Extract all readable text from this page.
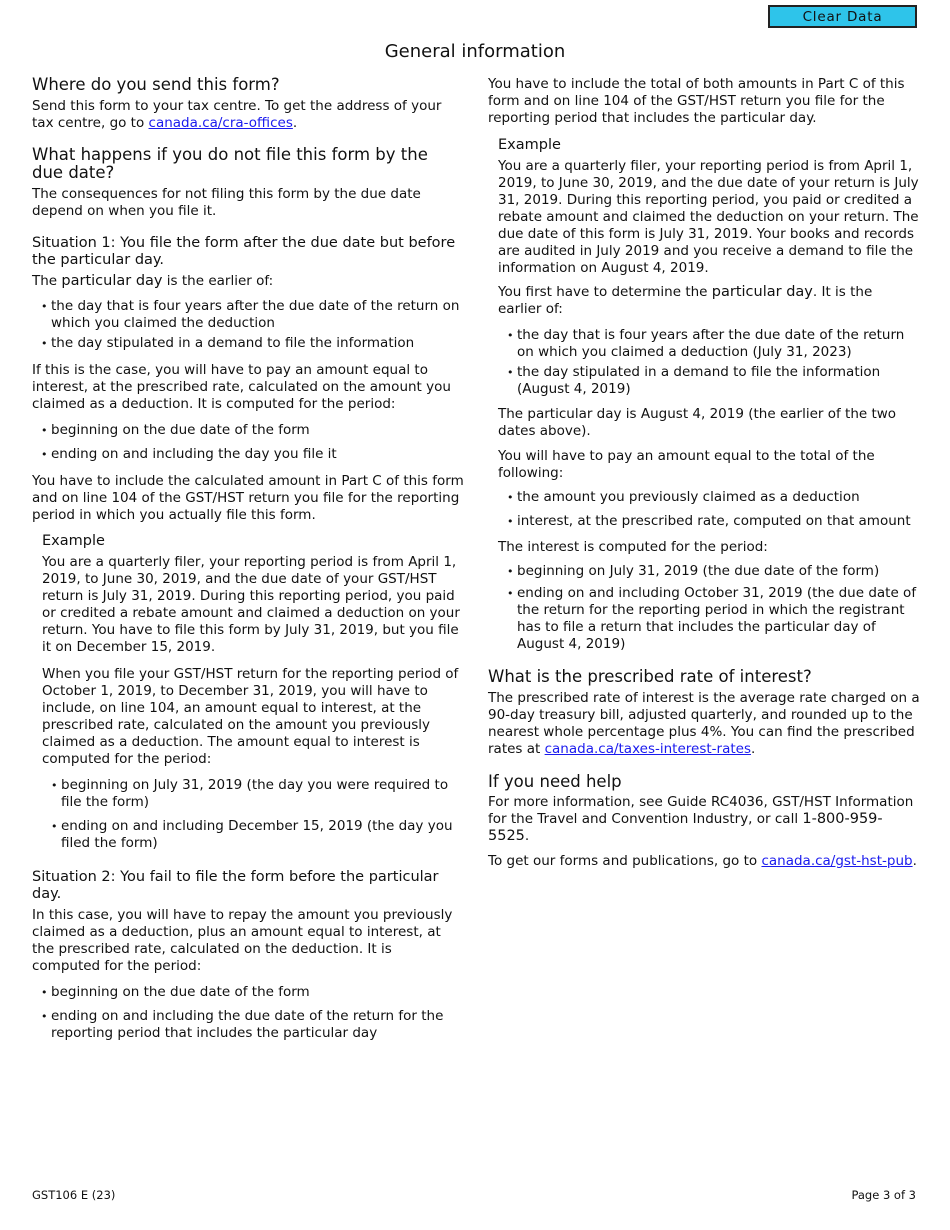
Clear Data
General information
Where do you send this form?

Send this form to your tax centre. To get the address of your tax centre, go to canada.ca/cra-offices.

What happens if you do not file this form by the due date?

The consequences for not filing this form by the due date depend on when you file it.

Situation 1: You file the form after the due date but before the particular day.

The particular day is the earlier of:

• the day that is four years after the due date of the return on which you claimed the deduction
• the day stipulated in a demand to file the information

If this is the case, you will have to pay an amount equal to interest, at the prescribed rate, calculated on the amount you claimed as a deduction. It is computed for the period:

• beginning on the due date of the form
• ending on and including the day you file it

You have to include the calculated amount in Part C of this form and on line 104 of the GST/HST return you file for the reporting period in which you actually file this form.

Example

You are a quarterly filer, your reporting period is from April 1, 2019, to June 30, 2019, and the due date of your GST/HST return is July 31, 2019. During this reporting period, you paid or credited a rebate amount and claimed a deduction on your return. You have to file this form by July 31, 2019, but you file it on December 15, 2019.

When you file your GST/HST return for the reporting period of October 1, 2019, to December 31, 2019, you will have to include, on line 104, an amount equal to interest, at the prescribed rate, calculated on the amount you previously claimed as a deduction. The amount equal to interest is computed for the period:

• beginning on July 31, 2019 (the day you were required to file the form)
• ending on and including December 15, 2019 (the day you filed the form)
Situation 2: You fail to file the form before the particular day.

In this case, you will have to repay the amount you previously claimed as a deduction, plus an amount equal to interest, at the prescribed rate, calculated on the deduction. It is computed for the period:

• beginning on the due date of the form
• ending on and including the due date of the return for the reporting period that includes the particular day

You have to include the total of both amounts in Part C of this form and on line 104 of the GST/HST return you file for the reporting period that includes the particular day.

Example

You are a quarterly filer, your reporting period is from April 1, 2019, to June 30, 2019, and the due date of your return is July 31, 2019. During this reporting period, you paid or credited a rebate amount and claimed the deduction on your return. The due date of this form is July 31, 2019. Your books and records are audited in July 2019 and you receive a demand to file the information on August 4, 2019.

You first have to determine the particular day. It is the earlier of:

• the day that is four years after the due date of the return on which you claimed a deduction (July 31, 2023)
• the day stipulated in a demand to file the information (August 4, 2019)

The particular day is August 4, 2019 (the earlier of the two dates above).

You will have to pay an amount equal to the total of the following:

• the amount you previously claimed as a deduction
• interest, at the prescribed rate, computed on that amount

The interest is computed for the period:

• beginning on July 31, 2019 (the due date of the form)
• ending on and including October 31, 2019 (the due date of the return for the reporting period in which the registrant has to file a return that includes the particular day of August 4, 2019)
What is the prescribed rate of interest?

The prescribed rate of interest is the average rate charged on a 90-day treasury bill, adjusted quarterly, and rounded up to the nearest whole percentage plus 4%. You can find the prescribed rates at canada.ca/taxes-interest-rates.

If you need help

For more information, see Guide RC4036, GST/HST Information for the Travel and Convention Industry, or call 1-800-959-5525.

To get our forms and publications, go to canada.ca/gst-hst-pub.

GST106 E (23)	Page 3 of 3
